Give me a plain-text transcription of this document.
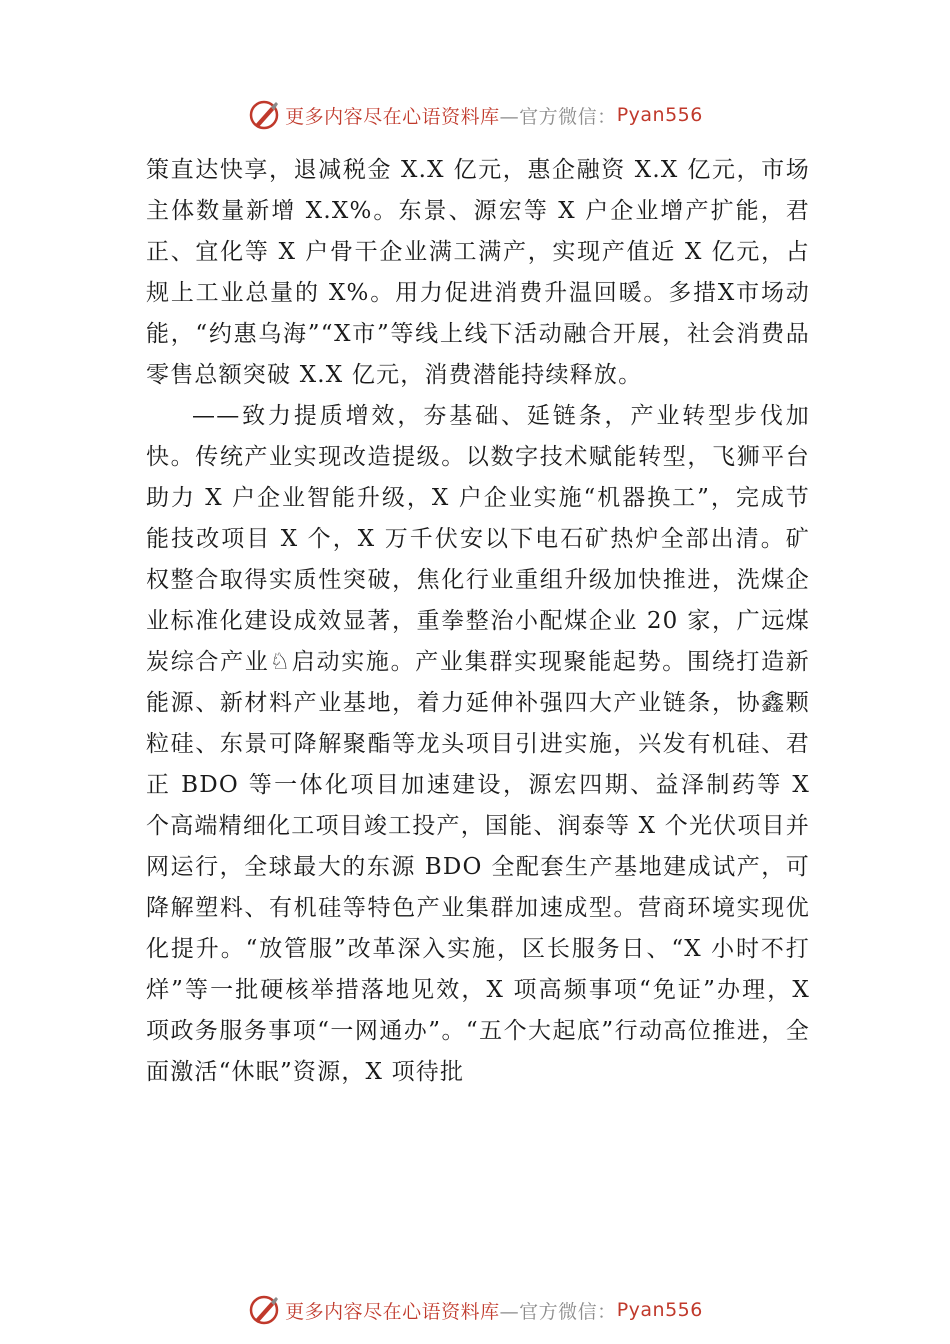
更多内容尽在心语资料库 —官方微信： Pyan556

策直达快享，退减税金 X.X 亿元，惠企融资 X.X 亿元，市场主体数量新增 X.X%。东景、源宏等 X 户企业增产扩能，君正、宜化等 X 户骨干企业满工满产，实现产值近 X 亿元，占规上工业总量的 X%。用力促进消费升温回暖。多措Ⅹ市场动能，“约惠乌海”“Ⅹ市”等线上线下活动融合开展，社会消费品零售总额突破 X.X 亿元，消费潜能持续释放。

——致力提质增效，夯基础、延链条，产业转型步伐加快。传统产业实现改造提级。以数字技术赋能转型，飞狮平台助力 X 户企业智能升级，X 户企业实施“机器换工”，完成节能技改项目 X 个，X 万千伏安以下电石矿热炉全部出清。矿权整合取得实质性突破，焦化行业重组升级加快推进，洗煤企业标准化建设成效显著，重拳整治小配煤企业 20 家，广远煤炭综合产业♘启动实施。产业集群实现聚能起势。围绕打造新能源、新材料产业基地，着力延伸补强四大产业链条，协鑫颗粒硅、东景可降解聚酯等龙头项目引进实施，兴发有机硅、君正 BDO 等一体化项目加速建设，源宏四期、益泽制药等 X 个高端精细化工项目竣工投产，国能、润泰等 X 个光伏项目并网运行，全球最大的东源 BDO 全配套生产基地建成试产，可降解塑料、有机硅等特色产业集群加速成型。营商环境实现优化提升。“放管服”改革深入实施，区长服务日、“X 小时不打烊”等一批硬核举措落地见效，X 项高频事项“免证”办理，X 项政务服务事项“一网通办”。“五个大起底”行动高位推进，全面激活“休眠”资源，X 项待批

更多内容尽在心语资料库 —官方微信： Pyan556
